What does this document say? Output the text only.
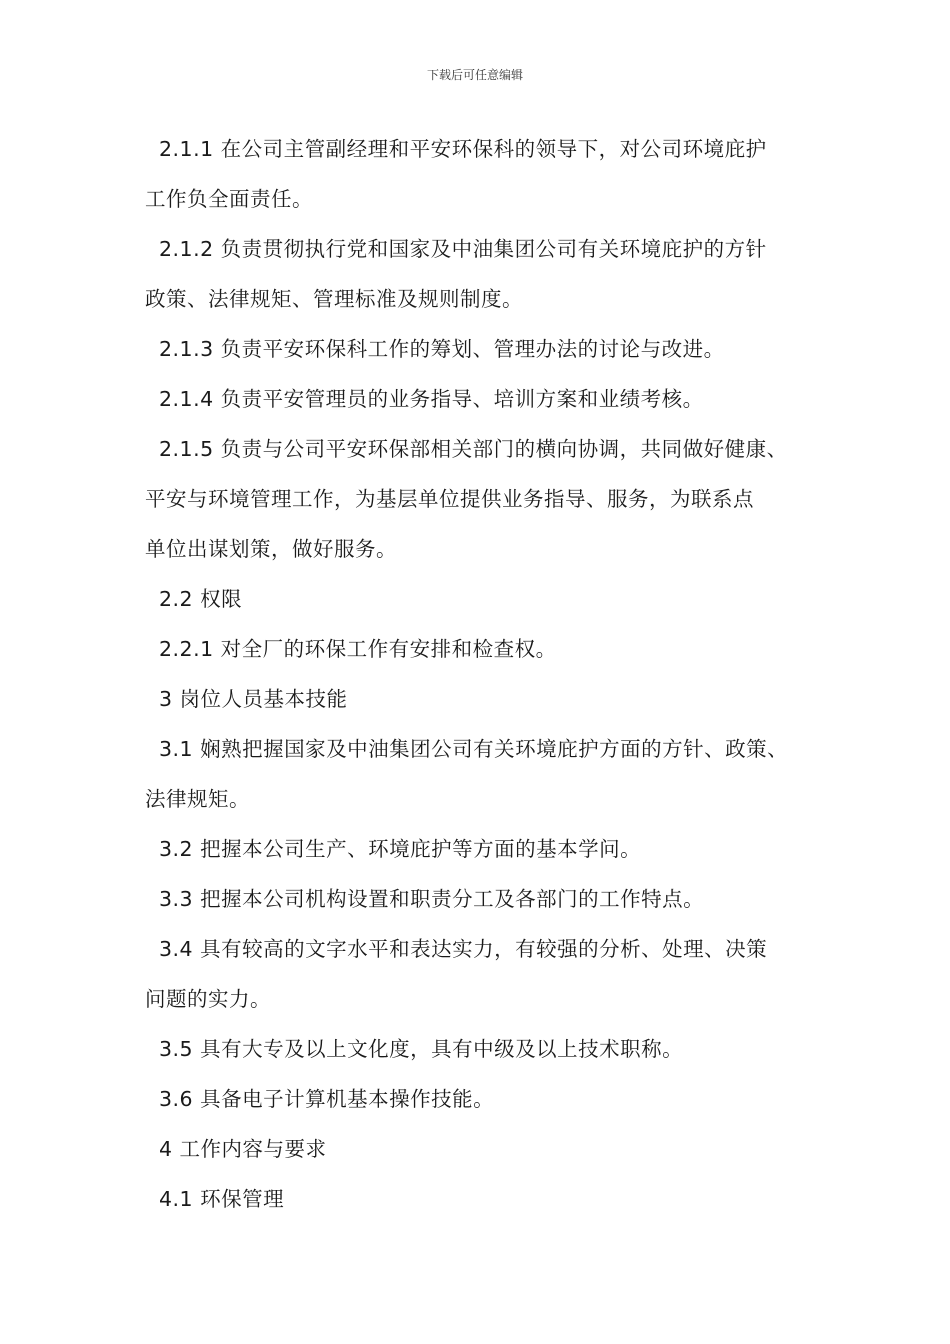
下载后可任意编辑
2.1.1 在公司主管副经理和平安环保科的领导下，对公司环境庇护
工作负全面责任。
2.1.2 负责贯彻执行党和国家及中油集团公司有关环境庇护的方针
政策、法律规矩、管理标准及规则制度。
2.1.3 负责平安环保科工作的筹划、管理办法的讨论与改进。
2.1.4 负责平安管理员的业务指导、培训方案和业绩考核。
2.1.5 负责与公司平安环保部相关部门的横向协调，共同做好健康、
平安与环境管理工作，为基层单位提供业务指导、服务，为联系点
单位出谋划策，做好服务。
2.2 权限
2.2.1 对全厂的环保工作有安排和检查权。
3 岗位人员基本技能
3.1 娴熟把握国家及中油集团公司有关环境庇护方面的方针、政策、
法律规矩。
3.2 把握本公司生产、环境庇护等方面的基本学问。
3.3 把握本公司机构设置和职责分工及各部门的工作特点。
3.4 具有较高的文字水平和表达实力，有较强的分析、处理、决策
问题的实力。
3.5 具有大专及以上文化度，具有中级及以上技术职称。
3.6 具备电子计算机基本操作技能。
4 工作内容与要求
4.1 环保管理
